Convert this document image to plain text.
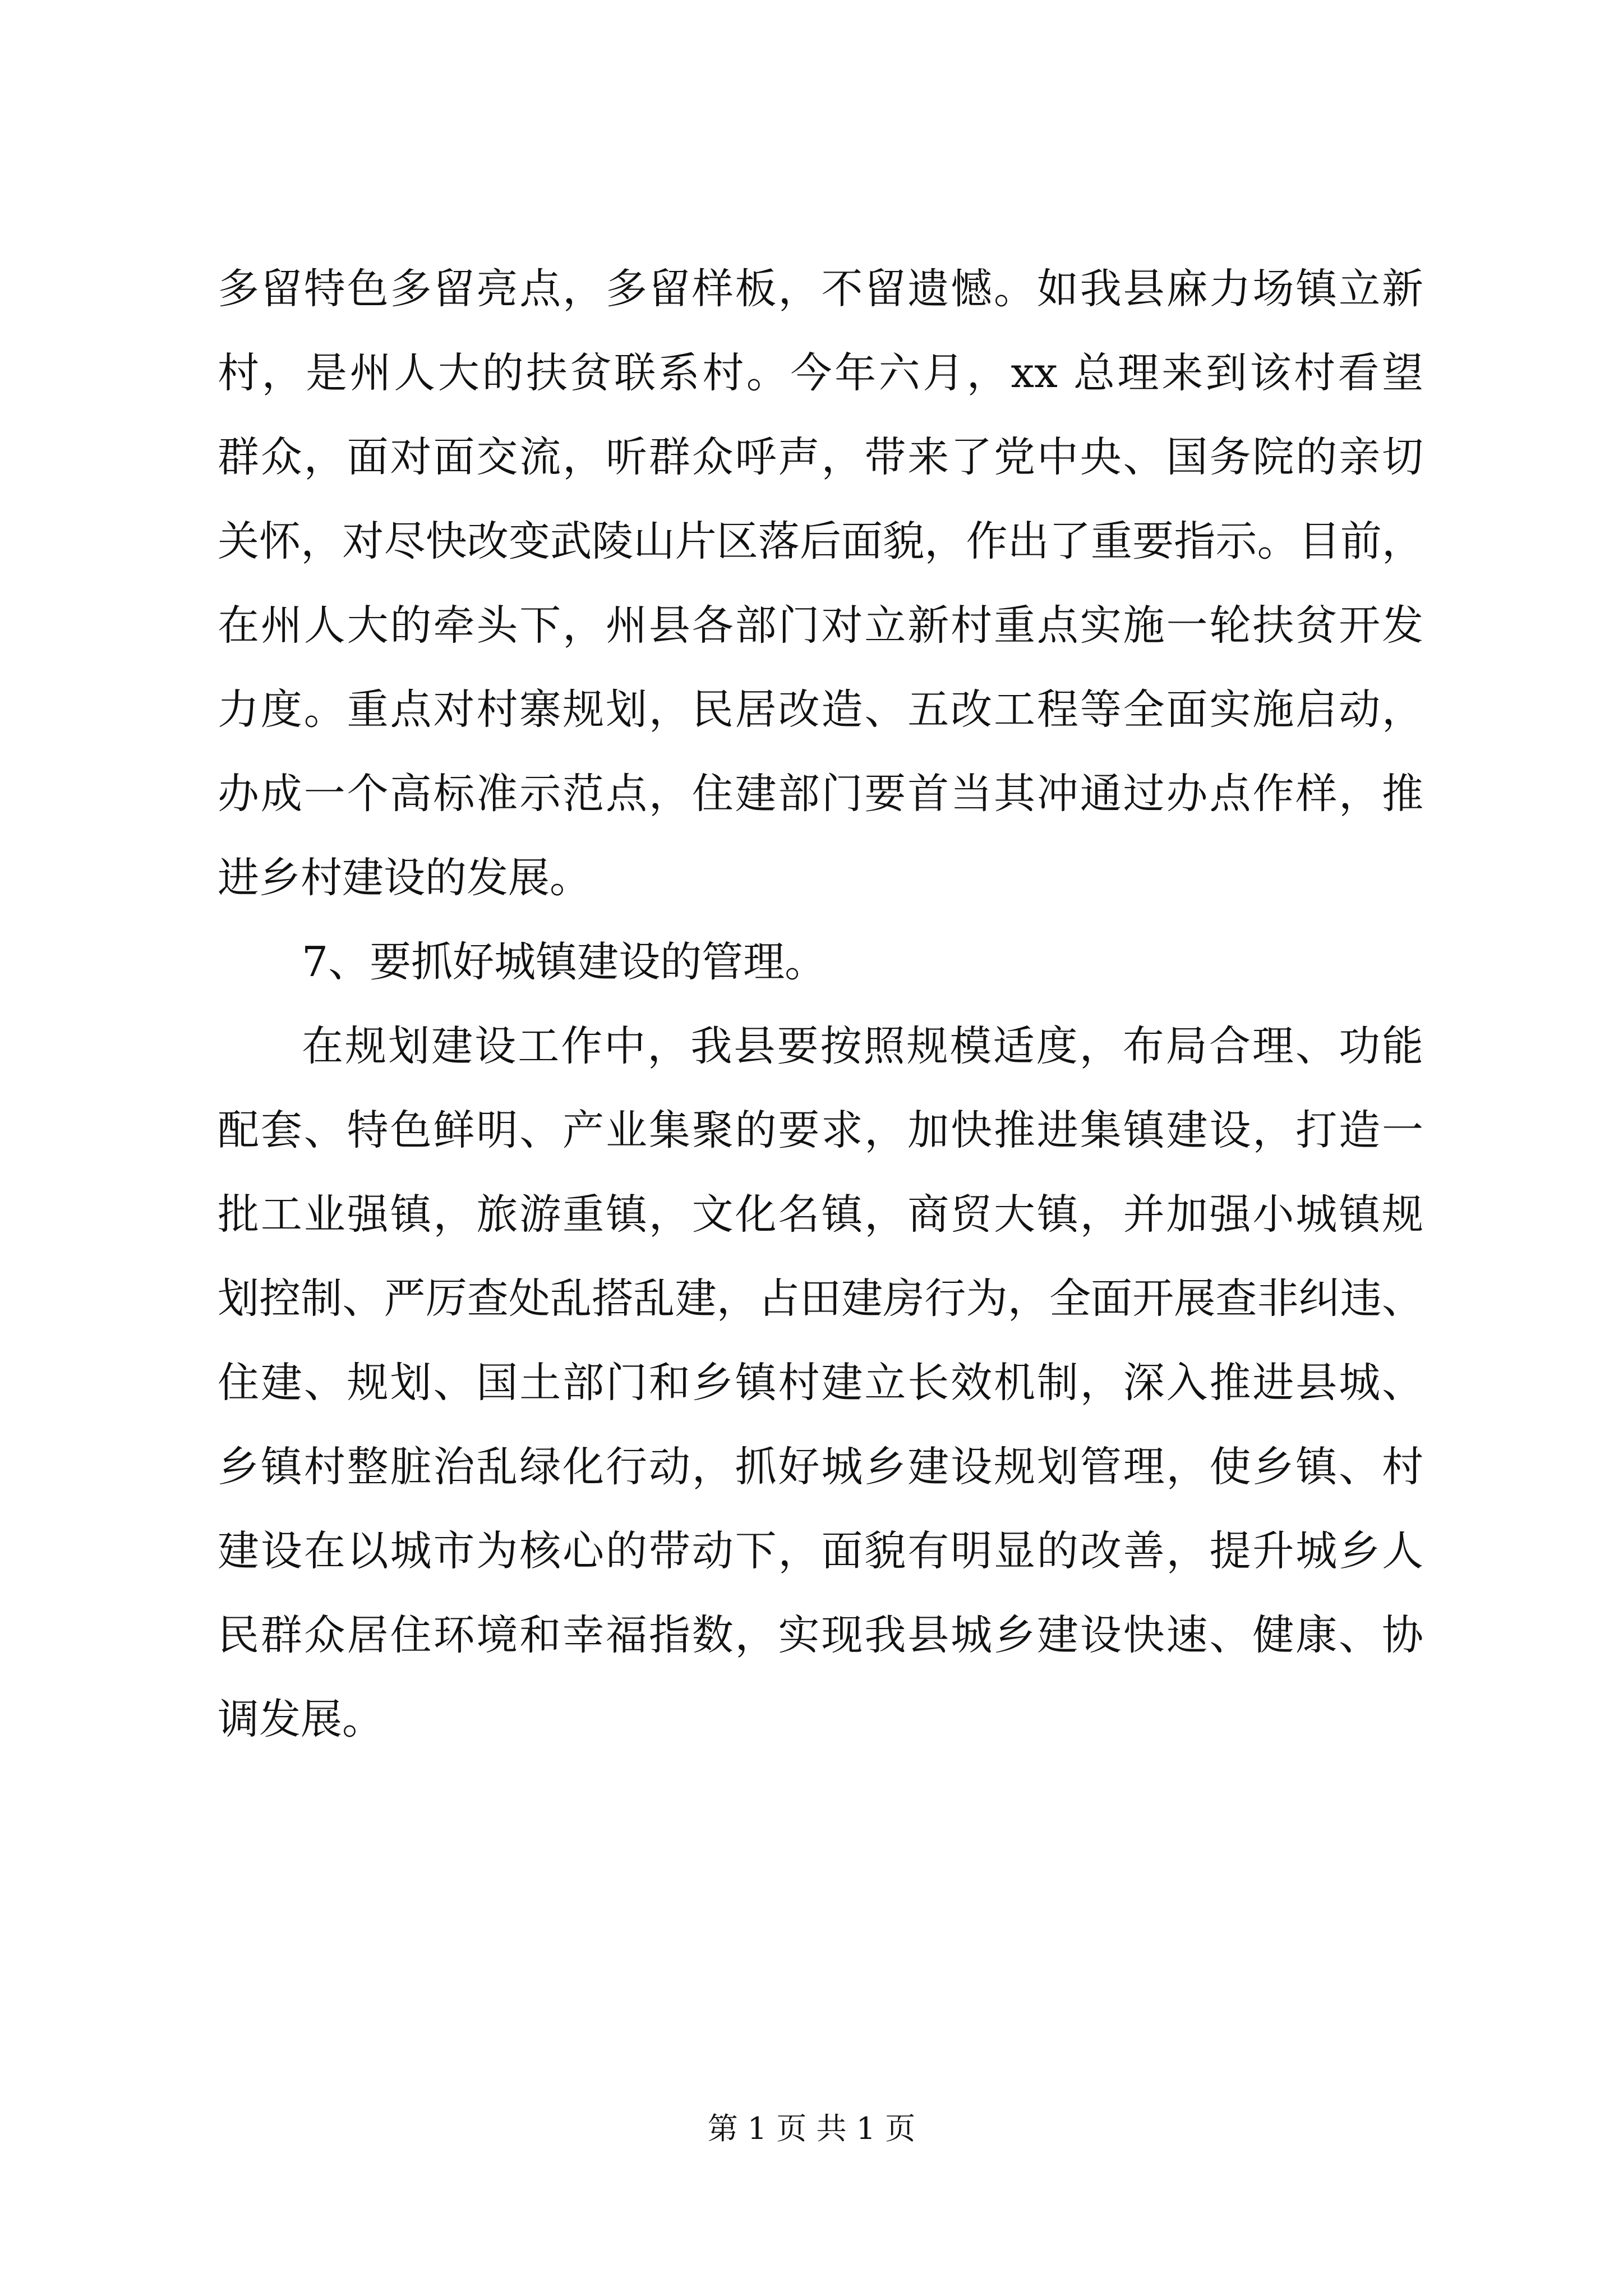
多留特色多留亮点，多留样板，不留遗憾。如我县麻力场镇立新
村，是州人大的扶贫联系村。今年六月，xx 总理来到该村看望
群众，面对面交流，听群众呼声，带来了党中央、国务院的亲切
关怀，对尽快改变武陵山片区落后面貌，作出了重要指示。目前，
在州人大的牵头下，州县各部门对立新村重点实施一轮扶贫开发
力度。重点对村寨规划，民居改造、五改工程等全面实施启动，
办成一个高标准示范点，住建部门要首当其冲通过办点作样，推
进乡村建设的发展。
7、要抓好城镇建设的管理。
在规划建设工作中，我县要按照规模适度，布局合理、功能
配套、特色鲜明、产业集聚的要求，加快推进集镇建设，打造一
批工业强镇，旅游重镇，文化名镇，商贸大镇，并加强小城镇规
划控制、严厉查处乱搭乱建，占田建房行为，全面开展查非纠违、
住建、规划、国土部门和乡镇村建立长效机制，深入推进县城、
乡镇村整脏治乱绿化行动，抓好城乡建设规划管理，使乡镇、村
建设在以城市为核心的带动下，面貌有明显的改善，提升城乡人
民群众居住环境和幸福指数，实现我县城乡建设快速、健康、协
调发展。
第 1 页 共 1 页
